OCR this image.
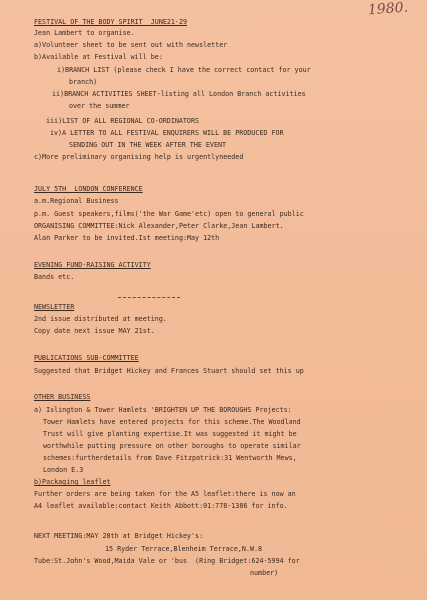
1980.
FESTIVAL OF THE BODY SPIRIT  JUNE21-29
Jean Lambert to organise.
a)Volunteer sheet to be sent out with newsletter
b)Available at Festival will be:
i)BRANCH LIST (please check I have the correct contact for your
branch)
ii)BRANCH ACTIVITIES SHEET-listing all London Branch activities
over the summer
iii)LIST OF ALL REGIONAL CO-ORDINATORS
iv)A LETTER TO ALL FESTIVAL ENQUIRERS WILL BE PRODUCED FOR
SENDING OUT IN THE WEEK AFTER THE EVENT
c)More preliminary organising help is urgentlyneeded
JULY 5TH  LONDON CONFERENCE
a.m.Regional Business
p.m. Guest speakers,films('the War Game'etc) open to general public
ORGANISING COMMITTEE:Nick Alexander,Peter Clarke,Jean Lambert.
Alan Parker to be invited.Ist meeting:May 12th
EVENING FUND-RAISING ACTIVITY
Bands etc.
NEWSLETTER
2nd issue distributed at meeting.
Copy date next issue MAY 21st.
PUBLICATIONS SUB-COMMITTEE
Suggested that Bridget Hickey and Frances Stuart should set this up
OTHER BUSINESS
a) Islington & Tower Hamlets 'BRIGHTEN UP THE BOROUGHS Projects:
Tower Hamlets have entered projects for this scheme.The Woodland
Trust will give planting expertise.It was suggested it might be
worthwhile putting pressure on other boroughs to operate similar
schemes:furtherdetails from Dave Fitzpatrick:31 Wentworth Mews,
London E.3
b)Packaging leaflet
Further orders are being taken for the A5 leaflet:there is now an
A4 leaflet available:contact Keith Abbott:01:778-1386 for info.
NEXT MEETING:MAY 28th at Bridget Hickey's:
15 Ryder Terrace,Blenheim Terrace,N.W.8
Tube:St.John's Wood,Maida Vale or 'bus  (Ring Bridget:624-5994 for
number)
